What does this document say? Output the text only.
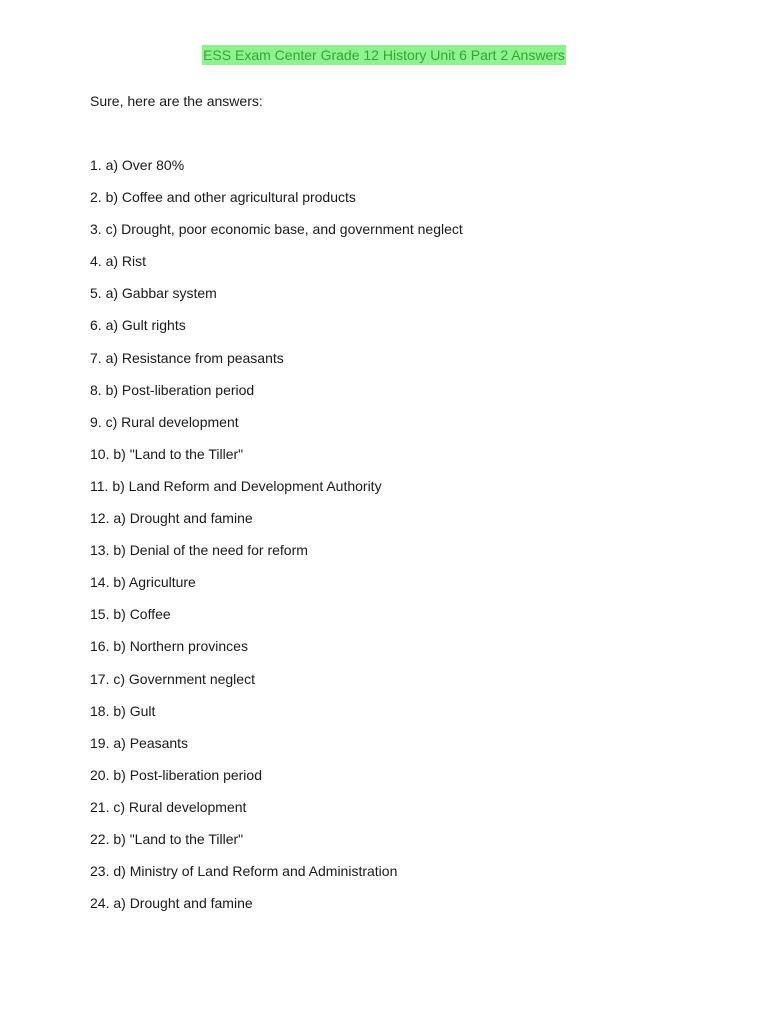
ESS Exam Center Grade 12 History Unit 6 Part 2 Answers

Sure, here are the answers:

1. a) Over 80%
2. b) Coffee and other agricultural products
3. c) Drought, poor economic base, and government neglect
4. a) Rist
5. a) Gabbar system
6. a) Gult rights
7. a) Resistance from peasants
8. b) Post-liberation period
9. c) Rural development
10. b) "Land to the Tiller"
11. b) Land Reform and Development Authority
12. a) Drought and famine
13. b) Denial of the need for reform
14. b) Agriculture
15. b) Coffee
16. b) Northern provinces
17. c) Government neglect
18. b) Gult
19. a) Peasants
20. b) Post-liberation period
21. c) Rural development
22. b) "Land to the Tiller"
23. d) Ministry of Land Reform and Administration
24. a) Drought and famine
